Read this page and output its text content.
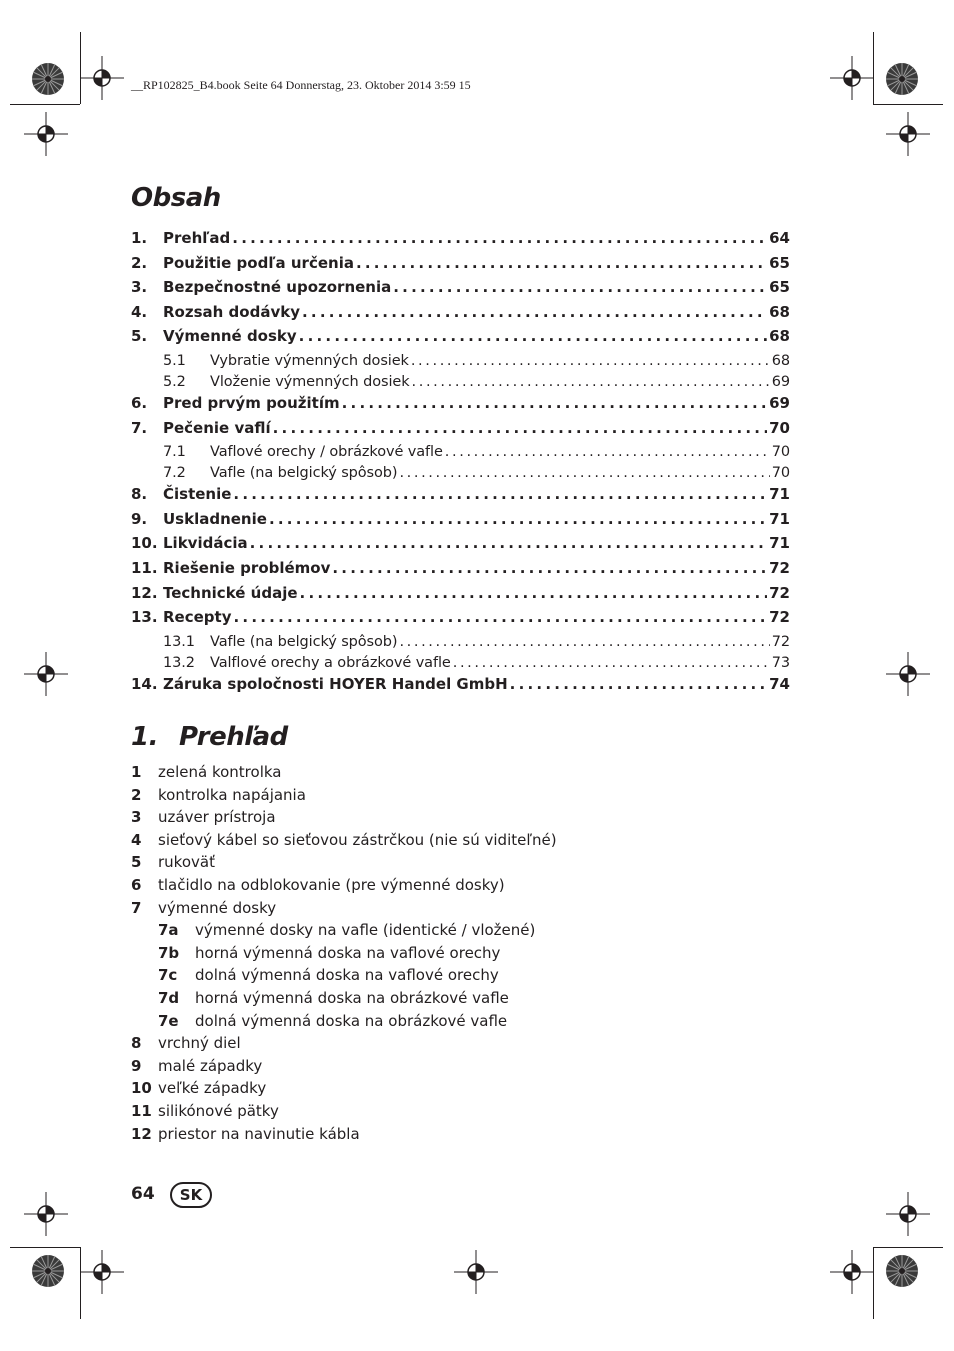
__RP102825_B4.book Seite 64 Donnerstag, 23. Oktober 2014 3:59 15
Obsah
1.	Prehľad . . .	64
2.	Použitie podľa určenia . . .	65
3.	Bezpečnostné upozornenia . . .	65
4.	Rozsah dodávky . . .	68
5.	Výmenné dosky . . .	68
5.1	Vybratie výmenných dosiek . . .	68
5.2	Vloženie výmenných dosiek . . .	69
6.	Pred prvým použitím . . .	69
7.	Pečenie vaflí . . .	70
7.1	Vaflové orechy / obrázkové vafle . . .	70
7.2	Vafle (na belgický spôsob) . . .	70
8.	Čistenie . . .	71
9.	Uskladnenie . . .	71
10. Likvidácia . . .	71
11. Riešenie problémov . . .	72
12. Technické údaje . . .	72
13. Recepty . . .	72
13.1	Vafle (na belgický spôsob) . . .	72
13.2	Valflové orechy a obrázkové vafle . . .	73
14. Záruka spoločnosti HOYER Handel GmbH . . .	74
1. Prehľad
1	zelená kontrolka
2	kontrolka napájania
3	uzáver prístroja
4	sieťový kábel so sieťovou zástrčkou (nie sú viditeľné)
5	rukoväť
6	tlačidlo na odblokovanie (pre výmenné dosky)
7	výmenné dosky
7a	výmenné dosky na vafle (identické / vložené)
7b	horná výmenná doska na vaflové orechy
7c	dolná výmenná doska na vaflové orechy
7d	horná výmenná doska na obrázkové vafle
7e	dolná výmenná doska na obrázkové vafle
8	vrchný diel
9	malé západky
10 veľké západky
11 silikónové pätky
12 priestor na navinutie kábla
64	SK
